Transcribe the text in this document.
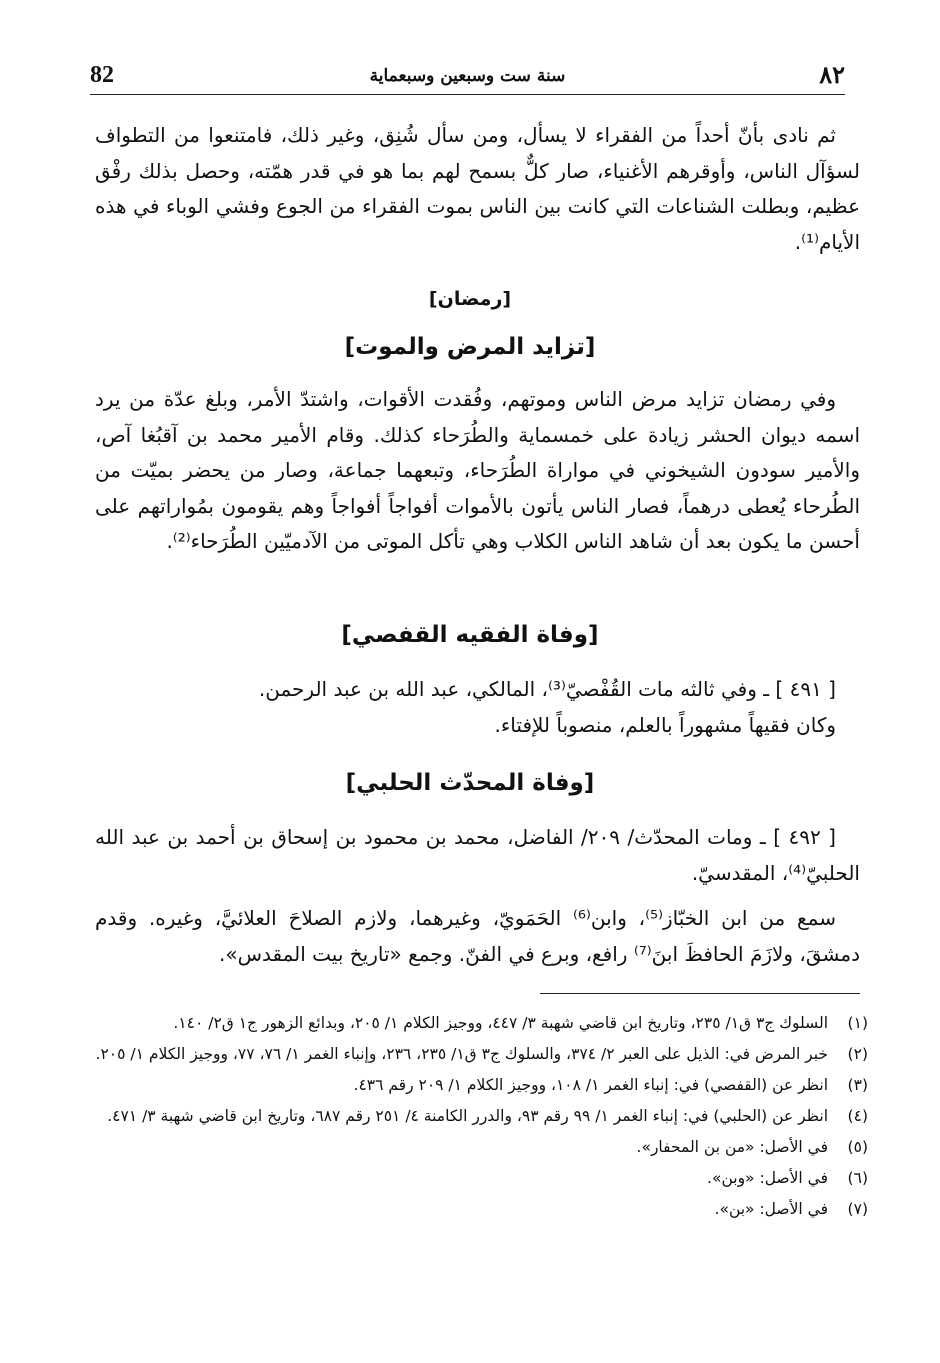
82	سنة ست وسبعين وسبعماية	٨٢

ثم نادى بأنّ أحداً من الفقراء لا يسأل، ومن سأل شُنِق، وغير ذلك، فامتنعوا من التطواف لسؤآل الناس، وأوقرهم الأغنياء، صار كلٌّ بسمح لهم بما هو في قدر همّته، وحصل بذلك رفْق عظيم، وبطلت الشناعات التي كانت بين الناس بموت الفقراء من الجوع وفشي الوباء في هذه الأيام⁽¹⁾.

[رمضان]
[تزايد المرض والموت]

وفي رمضان تزايد مرض الناس وموتهم، وفُقدت الأقوات، واشتدّ الأمر، وبلغ عدّة من يرد اسمه ديوان الحشر زيادة على خمسماية والطُرَحاء كذلك. وقام الأمير محمد بن آقبُغا آص، والأمير سودون الشيخوني في مواراة الطُرَحاء، وتبعهما جماعة، وصار من يحضر بميّت من الطُرحاء يُعطى درهماً، فصار الناس يأتون بالأموات أفواجاً أفواجاً وهم يقومون بمُواراتهم على أحسن ما يكون بعد أن شاهد الناس الكلاب وهي تأكل الموتى من الآدميّين الطُرَحاء⁽²⁾.

[وفاة الفقيه القفصي]

[ ٤٩١ ] ـ وفي ثالثه مات القُفْصيّ⁽³⁾، المالكي، عبد الله بن عبد الرحمن.

وكان فقيهاً مشهوراً بالعلم، منصوباً للإفتاء.

[وفاة المحدّث الحلبي]

[ ٤٩٢ ] ـ ومات المحدّث/ ٢٠٩/ الفاضل، محمد بن محمود بن إسحاق بن أحمد بن عبد الله الحلبيّ⁽⁴⁾، المقدسيّ.

سمع من ابن الخبّاز⁽⁵⁾، وابن⁽⁶⁾ الحَمَويّ، وغيرهما، ولازم الصلاحَ العلائيَّ، وغيره. وقدم دمشقَ، ولازَمَ الحافظَ ابنَ⁽⁷⁾ رافع، وبرع في الفنّ. وجمع «تاريخ بيت المقدس».

(١)
السلوك ج٣ ق١/ ٢٣٥، وتاريخ ابن قاضي شهبة ٣/ ٤٤٧، ووجيز الكلام ١/ ٢٠٥، وبدائع الزهور ج١ ق٢/ ١٤٠.
(٢)
خبر المرض في: الذيل على العبر ٢/ ٣٧٤، والسلوك ج٣ ق١/ ٢٣٥، ٢٣٦، وإنباء الغمر ١/ ٧٦، ٧٧، ووجيز الكلام ١/ ٢٠٥.
(٣)
انظر عن (القفصي) في: إنباء الغمر ١/ ١٠٨، ووجيز الكلام ١/ ٢٠٩ رقم ٤٣٦.
(٤)
انظر عن (الحلبي) في: إنباء الغمر ١/ ٩٩ رقم ٩٣، والدرر الكامنة ٤/ ٢٥١ رقم ٦٨٧، وتاريخ ابن قاضي شهبة ٣/ ٤٧١.
(٥)
في الأصل: «من بن المحفار».
(٦)
في الأصل: «وبن».
(٧)
في الأصل: «بن».
